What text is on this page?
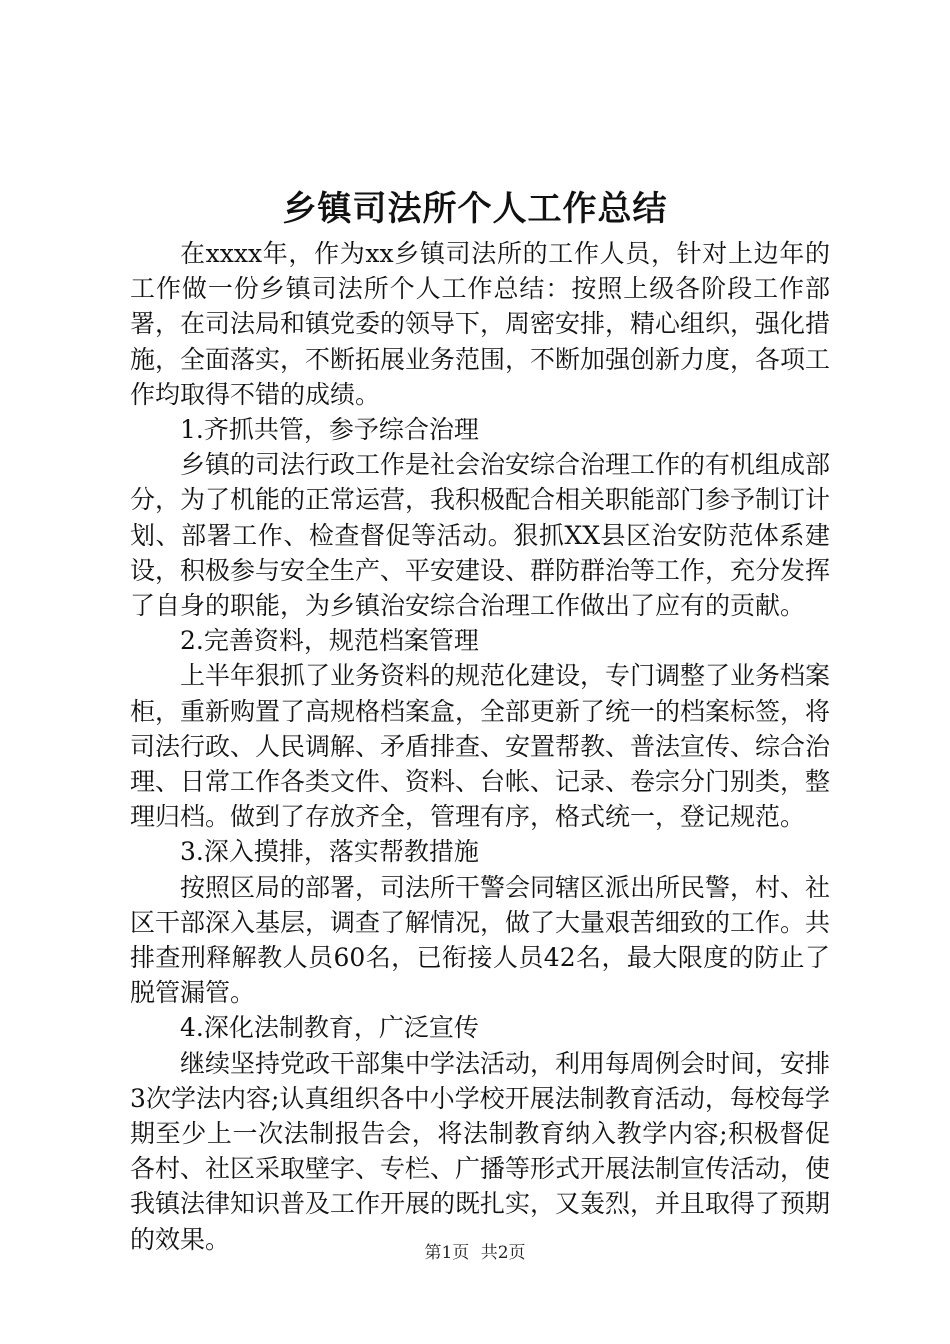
乡镇司法所个人工作总结

在xxxx年，作为xx乡镇司法所的工作人员，针对上边年的工作做一份乡镇司法所个人工作总结：按照上级各阶段工作部署，在司法局和镇党委的领导下，周密安排，精心组织，强化措施，全面落实，不断拓展业务范围，不断加强创新力度，各项工作均取得不错的成绩。

1.齐抓共管，参予综合治理

乡镇的司法行政工作是社会治安综合治理工作的有机组成部分，为了机能的正常运营，我积极配合相关职能部门参予制订计划、部署工作、检查督促等活动。狠抓XX县区治安防范体系建设，积极参与安全生产、平安建设、群防群治等工作，充分发挥了自身的职能，为乡镇治安综合治理工作做出了应有的贡献。

2.完善资料，规范档案管理

上半年狠抓了业务资料的规范化建设，专门调整了业务档案柜，重新购置了高规格档案盒，全部更新了统一的档案标签，将司法行政、人民调解、矛盾排查、安置帮教、普法宣传、综合治理、日常工作各类文件、资料、台帐、记录、卷宗分门别类，整理归档。做到了存放齐全，管理有序，格式统一，登记规范。

3.深入摸排，落实帮教措施

按照区局的部署，司法所干警会同辖区派出所民警，村、社区干部深入基层，调查了解情况，做了大量艰苦细致的工作。共排查刑释解教人员60名，已衔接人员42名，最大限度的防止了脱管漏管。

4.深化法制教育，广泛宣传

继续坚持党政干部集中学法活动，利用每周例会时间，安排3次学法内容;认真组织各中小学校开展法制教育活动，每校每学期至少上一次法制报告会，将法制教育纳入教学内容;积极督促各村、社区采取壁字、专栏、广播等形式开展法制宣传活动，使我镇法律知识普及工作开展的既扎实，又轰烈，并且取得了预期的效果。	第1页 共2页
